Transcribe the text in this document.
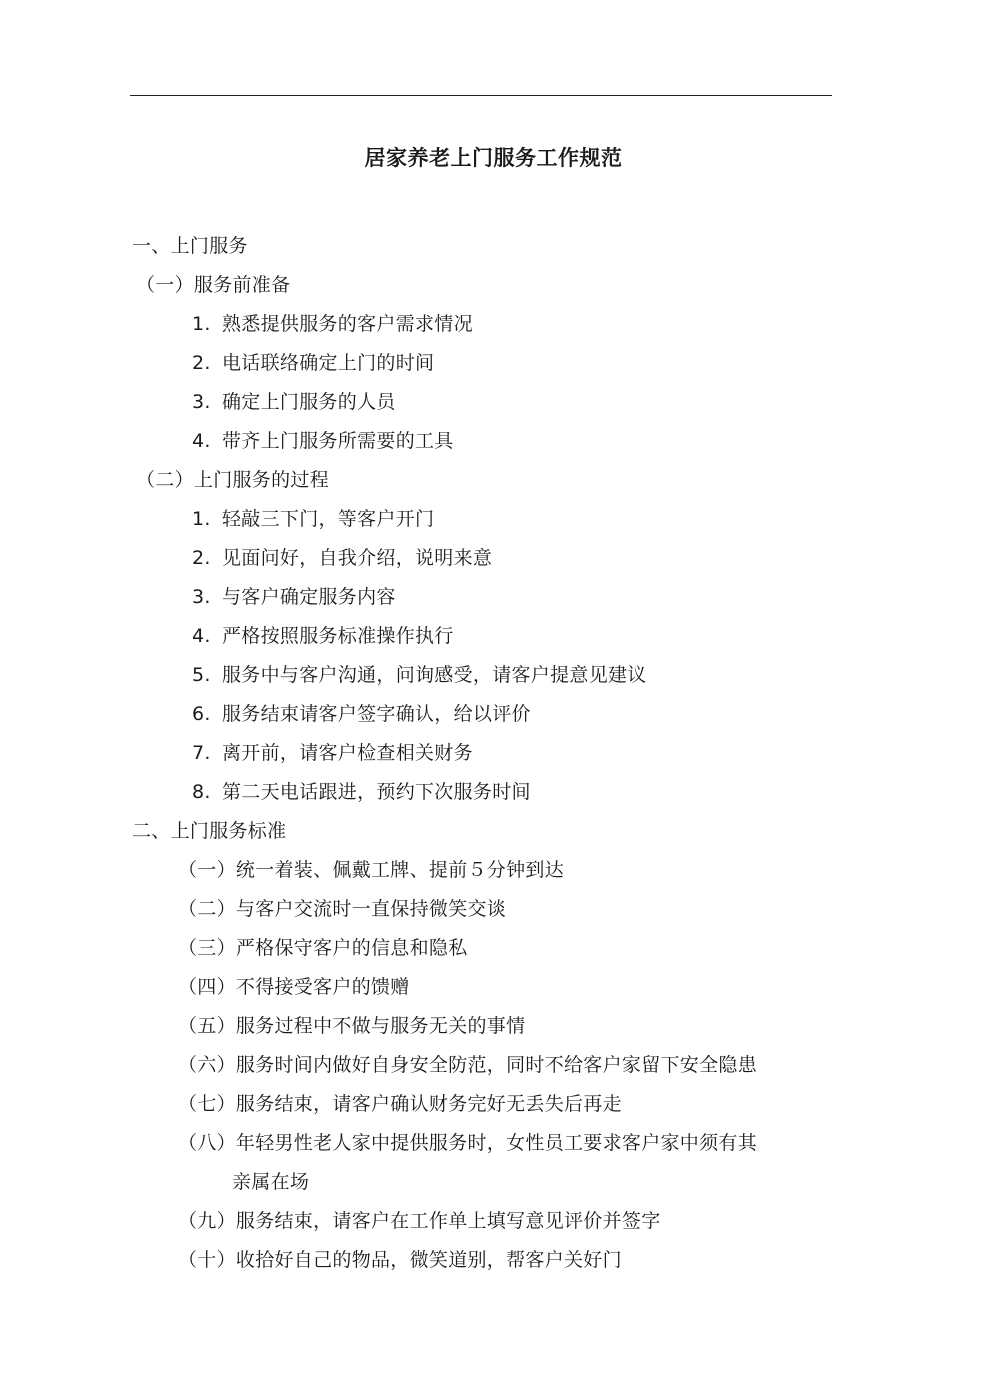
居家养老上门服务工作规范
一、上门服务
（一）服务前准备
1. 熟悉提供服务的客户需求情况
2. 电话联络确定上门的时间
3. 确定上门服务的人员
4. 带齐上门服务所需要的工具
（二）上门服务的过程
1. 轻敲三下门，等客户开门
2. 见面问好，自我介绍，说明来意
3. 与客户确定服务内容
4. 严格按照服务标准操作执行
5. 服务中与客户沟通，问询感受，请客户提意见建议
6. 服务结束请客户签字确认，给以评价
7. 离开前，请客户检查相关财务
8. 第二天电话跟进，预约下次服务时间
二、上门服务标准
（一）统一着装、佩戴工牌、提前５分钟到达
（二）与客户交流时一直保持微笑交谈
（三）严格保守客户的信息和隐私
（四）不得接受客户的馈赠
（五）服务过程中不做与服务无关的事情
（六）服务时间内做好自身安全防范，同时不给客户家留下安全隐患
（七）服务结束，请客户确认财务完好无丢失后再走
（八）年轻男性老人家中提供服务时，女性员工要求客户家中须有其
亲属在场
（九）服务结束，请客户在工作单上填写意见评价并签字
（十）收拾好自己的物品，微笑道别，帮客户关好门
